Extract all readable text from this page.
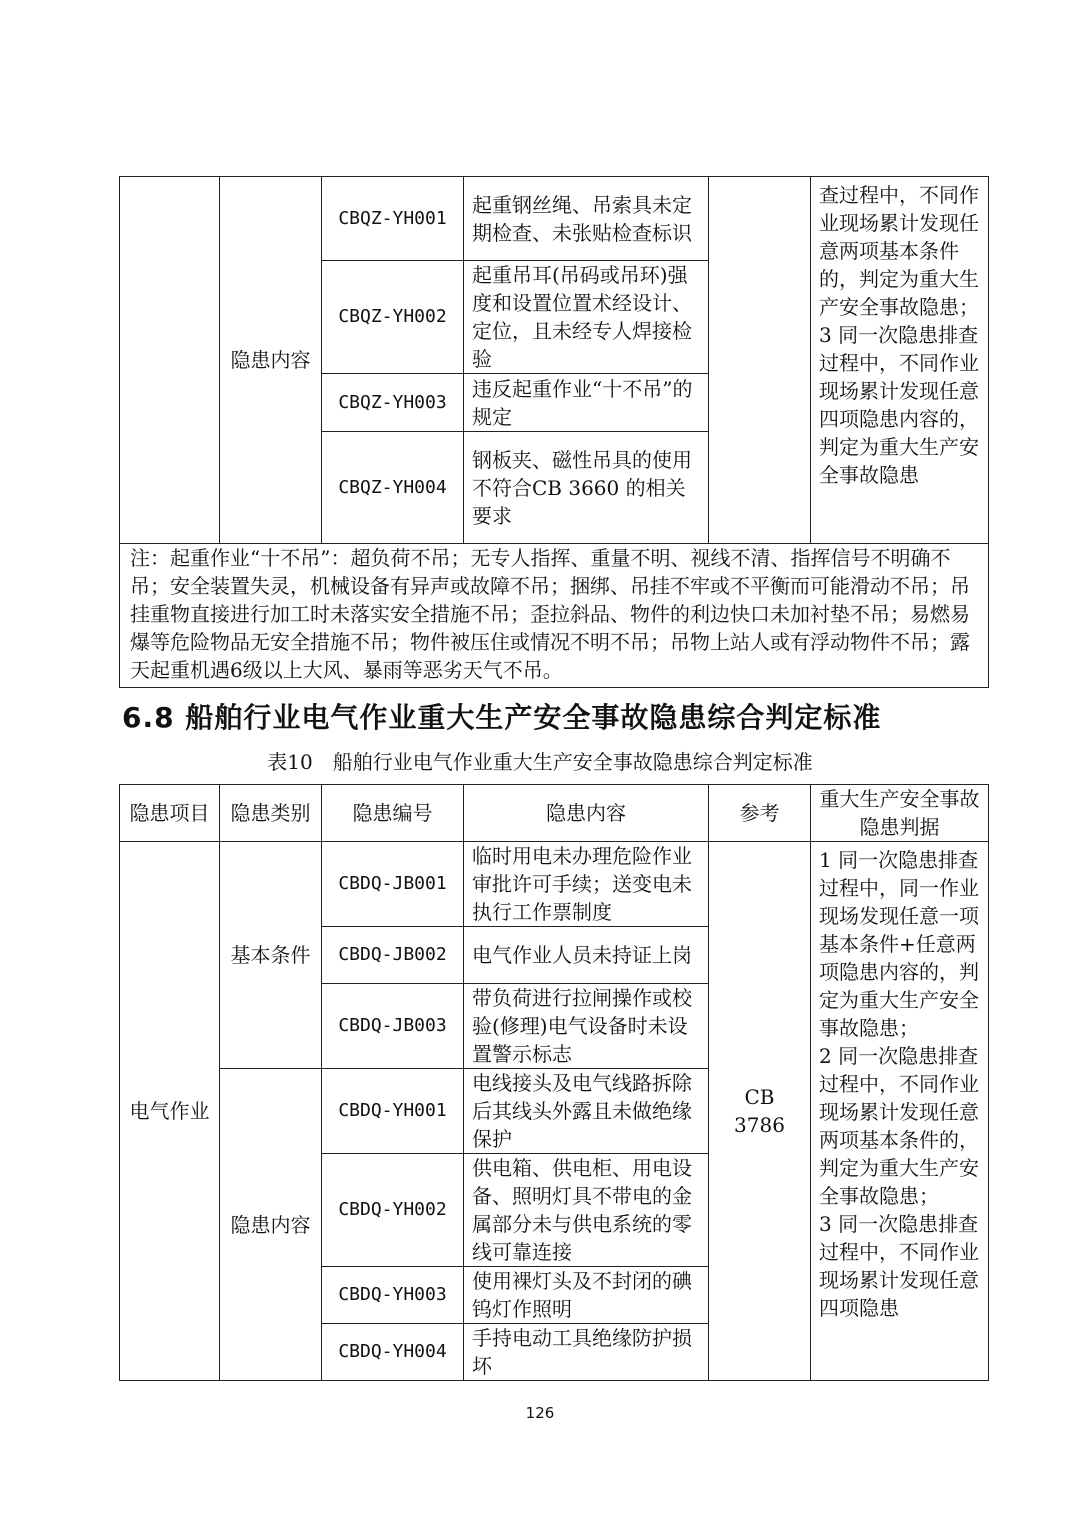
	隐患内容	CBQZ-YH001	起重钢丝绳、吊索具未定期检查、未张贴检查标识		查过程中，不同作业现场累计发现任意两项基本条件的，判定为重大生产安全事故隐患；
3 同一次隐患排查过程中，不同作业现场累计发现任意四项隐患内容的，判定为重大生产安全事故隐患
		CBQZ-YH002	起重吊耳(吊码或吊环)强度和设置位置术经设计、定位，且未经专人焊接检验		
		CBQZ-YH003	违反起重作业“十不吊”的规定		
		CBQZ-YH004	钢板夹、磁性吊具的使用不符合CB 3660 的相关要求		
注：起重作业“十不吊”：超负荷不吊；无专人指挥、重量不明、视线不清、指挥信号不明确不吊；安全装置失灵，机械设备有异声或故障不吊；捆绑、吊挂不牢或不平衡而可能滑动不吊；吊挂重物直接进行加工时未落实安全措施不吊；歪拉斜品、物件的利边快口未加衬垫不吊；易燃易爆等危险物品无安全措施不吊；物件被压住或情况不明不吊；吊物上站人或有浮动物件不吊；露天起重机遇6级以上大风、暴雨等恶劣天气不吊。					
6.8 船舶行业电气作业重大生产安全事故隐患综合判定标准
表10　船舶行业电气作业重大生产安全事故隐患综合判定标准
隐患项目	隐患类别	隐患编号	隐患内容	参考	重大生产安全事故隐患判据
电气作业	基本条件	CBDQ-JB001	临时用电未办理危险作业审批许可手续；送变电未执行工作票制度	CB 3786	1 同一次隐患排查过程中，同一作业现场发现任意一项基本条件+任意两项隐患内容的，判定为重大生产安全事故隐患；
2 同一次隐患排查过程中，不同作业现场累计发现任意两项基本条件的，判定为重大生产安全事故隐患；
3 同一次隐患排查过程中，不同作业现场累计发现任意四项隐患
		CBDQ-JB002	电气作业人员未持证上岗		
		CBDQ-JB003	带负荷进行拉闸操作或校验(修理)电气设备时未设置警示标志		
	隐患内容	CBDQ-YH001	电线接头及电气线路拆除后其线头外露且未做绝缘保护		
		CBDQ-YH002	供电箱、供电柜、用电设备、照明灯具不带电的金属部分未与供电系统的零线可靠连接		
		CBDQ-YH003	使用裸灯头及不封闭的碘钨灯作照明		
		CBDQ-YH004	手持电动工具绝缘防护损坏		
126
